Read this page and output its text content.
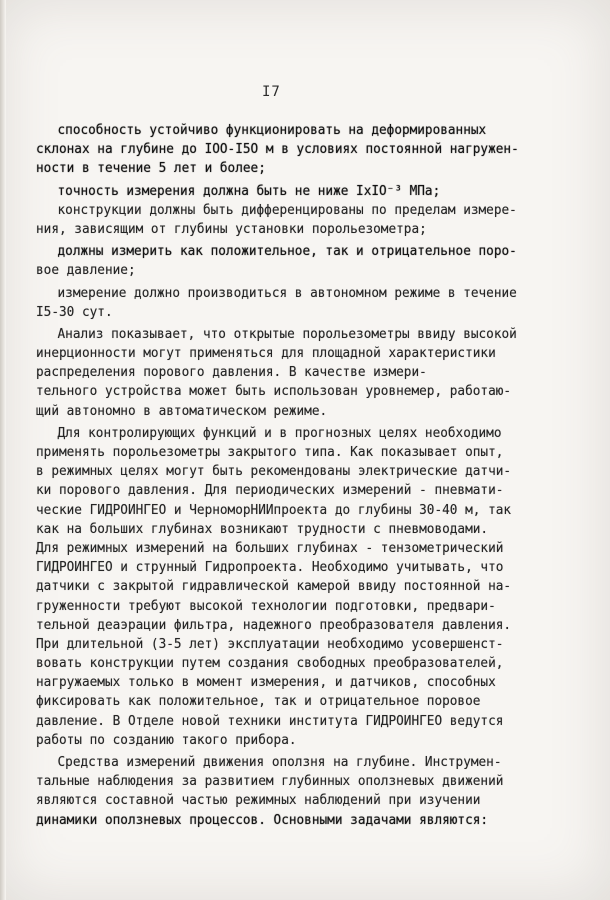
I7
способность устойчиво функционировать на деформированных
склонах на глубине до IOO-I5O м в условиях постоянной нагружен-
ности в течение 5 лет и более;
точность измерения должна быть не ниже IxIO⁻³ МПа;
конструкции должны быть дифференцированы по пределам измере-
ния, зависящим от глубины установки порольезометра;
должны измерить как положительное, так и отрицательное поро-
вое давление;
измерение должно производиться в автономном режиме в течение
I5-30 сут.
Анализ показывает, что открытые порольезометры ввиду высокой
инерционности могут применяться для площадной характеристики
распределения порового давления. В качестве измери-
тельного устройства может быть использован уровнемер, работаю-
щий автономно в автоматическом режиме.
Для контролирующих функций и в прогнозных целях необходимо
применять порольезометры закрытого типа. Как показывает опыт,
в режимных целях могут быть рекомендованы электрические датчи-
ки порового давления. Для периодических измерений - пневмати-
ческие ГИДРОИНГЕО и ЧерноморНИИпроекта до глубины 30-40 м, так
как на больших глубинах возникают трудности с пневмоводами.
Для режимных измерений на больших глубинах - тензометрический
ГИДРОИНГЕО и струнный Гидропроекта. Необходимо учитывать, что
датчики с закрытой гидравлической камерой ввиду постоянной на-
груженности требуют высокой технологии подготовки, предвари-
тельной деаэрации фильтра, надежного преобразователя давления.
При длительной (3-5 лет) эксплуатации необходимо усовершенст-
вовать конструкции путем создания свободных преобразователей,
нагружаемых только в момент измерения, и датчиков, способных
фиксировать как положительное, так и отрицательное поровое
давление. В Отделе новой техники института ГИДРОИНГЕО ведутся
работы по созданию такого прибора.
Средства измерений движения оползня на глубине. Инструмен-
тальные наблюдения за развитием глубинных оползневых движений
являются составной частью режимных наблюдений при изучении
динамики оползневых процессов. Основными задачами являются:
